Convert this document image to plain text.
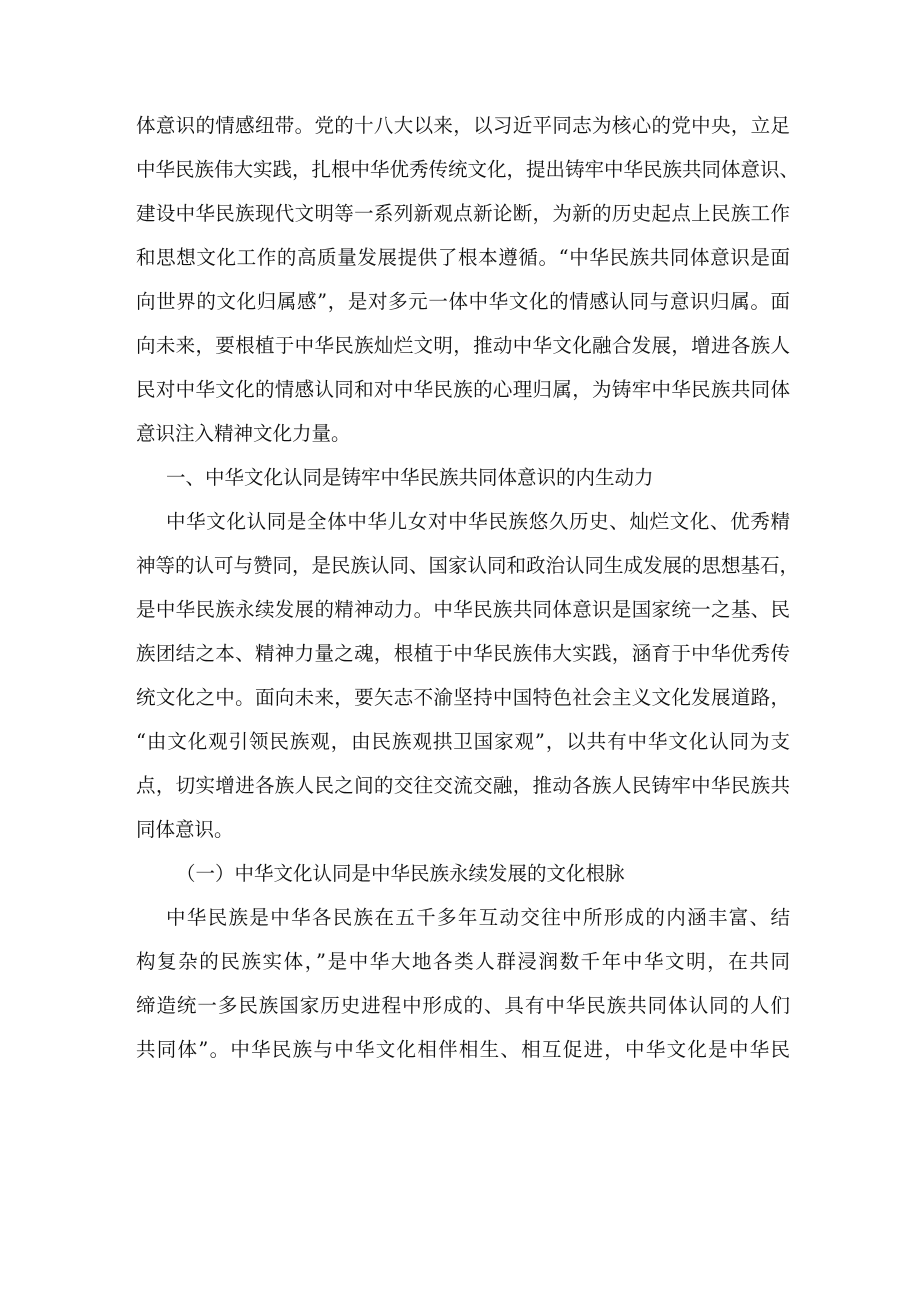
体意识的情感纽带。党的十八大以来，以习近平同志为核心的党中央，立足
中华民族伟大实践，扎根中华优秀传统文化，提出铸牢中华民族共同体意识、
建设中华民族现代文明等一系列新观点新论断，为新的历史起点上民族工作
和思想文化工作的高质量发展提供了根本遵循。“中华民族共同体意识是面
向世界的文化归属感”，是对多元一体中华文化的情感认同与意识归属。面
向未来，要根植于中华民族灿烂文明，推动中华文化融合发展，增进各族人
民对中华文化的情感认同和对中华民族的心理归属，为铸牢中华民族共同体
意识注入精神文化力量。
一、中华文化认同是铸牢中华民族共同体意识的内生动力
中华文化认同是全体中华儿女对中华民族悠久历史、灿烂文化、优秀精
神等的认可与赞同，是民族认同、国家认同和政治认同生成发展的思想基石，
是中华民族永续发展的精神动力。中华民族共同体意识是国家统一之基、民
族团结之本、精神力量之魂，根植于中华民族伟大实践，涵育于中华优秀传
统文化之中。面向未来，要矢志不渝坚持中国特色社会主义文化发展道路，
“由文化观引领民族观，由民族观拱卫国家观”，以共有中华文化认同为支
点，切实增进各族人民之间的交往交流交融，推动各族人民铸牢中华民族共
同体意识。
（一）中华文化认同是中华民族永续发展的文化根脉
中华民族是中华各民族在五千多年互动交往中所形成的内涵丰富、结
构复杂的民族实体，”是中华大地各类人群浸润数千年中华文明，在共同
缔造统一多民族国家历史进程中形成的、具有中华民族共同体认同的人们
共同体”。中华民族与中华文化相伴相生、相互促进，中华文化是中华民
